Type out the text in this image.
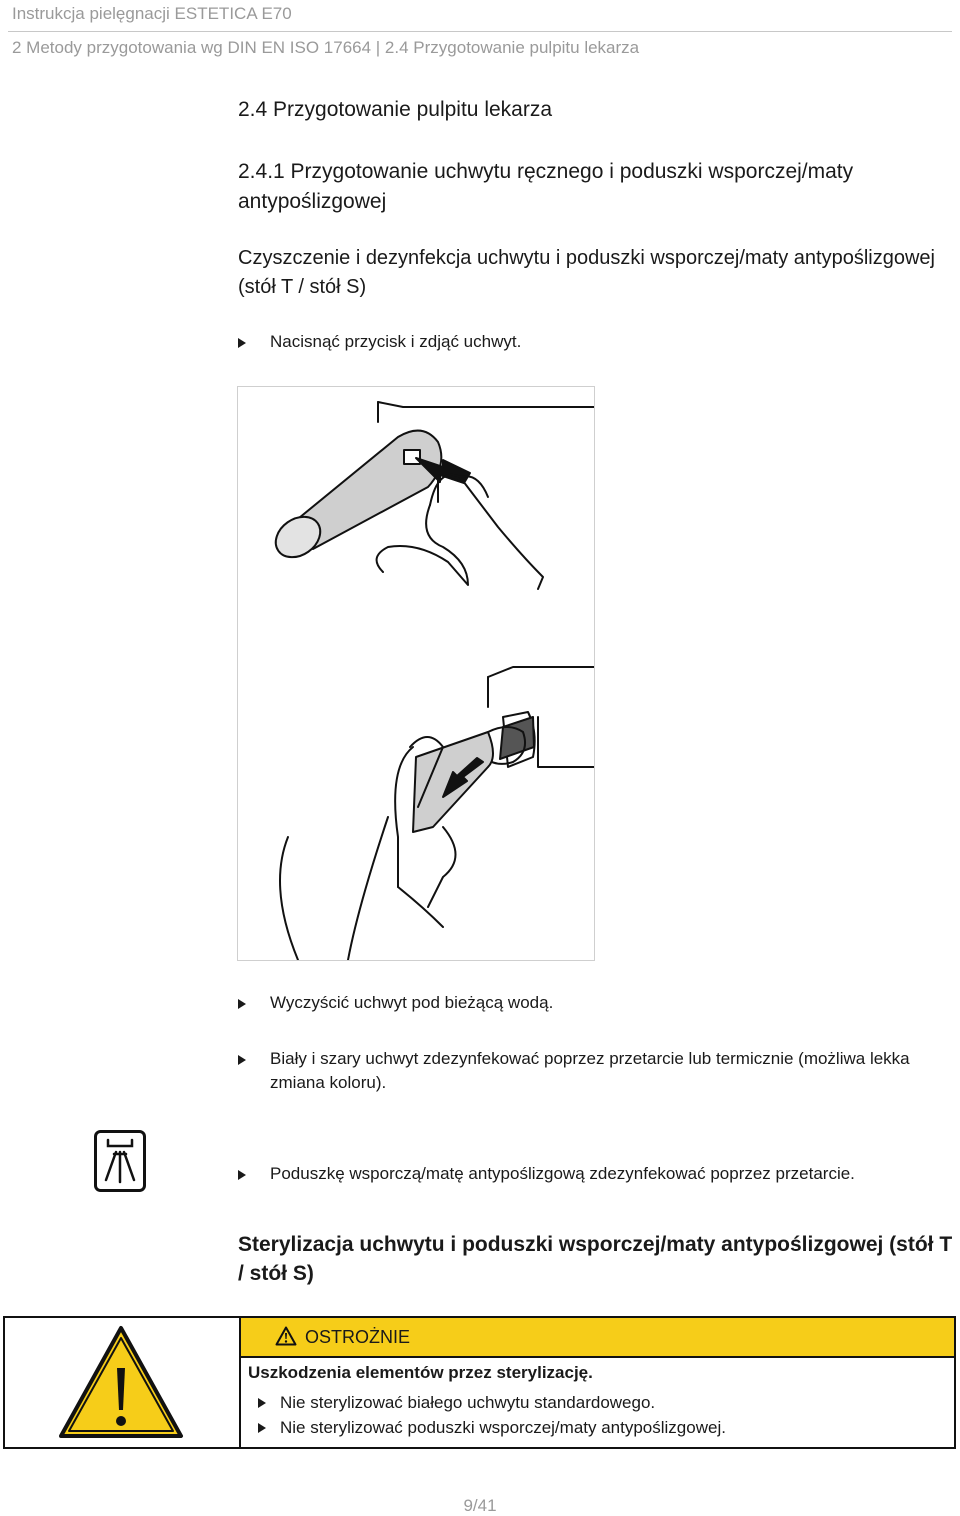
Instrukcja pielęgnacji ESTETICA E70
2 Metody przygotowania wg DIN EN ISO 17664 | 2.4 Przygotowanie pulpitu lekarza
2.4 Przygotowanie pulpitu lekarza
2.4.1 Przygotowanie uchwytu ręcznego i poduszki wsporczej/maty antypoślizgowej
Czyszczenie i dezynfekcja uchwytu i poduszki wsporczej/maty antypoślizgowej (stół T / stół S)
Nacisnąć przycisk i zdjąć uchwyt.
Wyczyścić uchwyt pod bieżącą wodą.
Biały i szary uchwyt zdezynfekować poprzez przetarcie lub termicznie (możliwa lekka zmiana koloru).
Poduszkę wsporczą/matę antypoślizgową zdezynfekować poprzez przetarcie.
Sterylizacja uchwytu i poduszki wsporczej/maty antypoślizgowej (stół T / stół S)
OSTROŻNIE
Uszkodzenia elementów przez sterylizację.
Nie sterylizować białego uchwytu standardowego.
Nie sterylizować poduszki wsporczej/maty antypoślizgowej.
9/41
